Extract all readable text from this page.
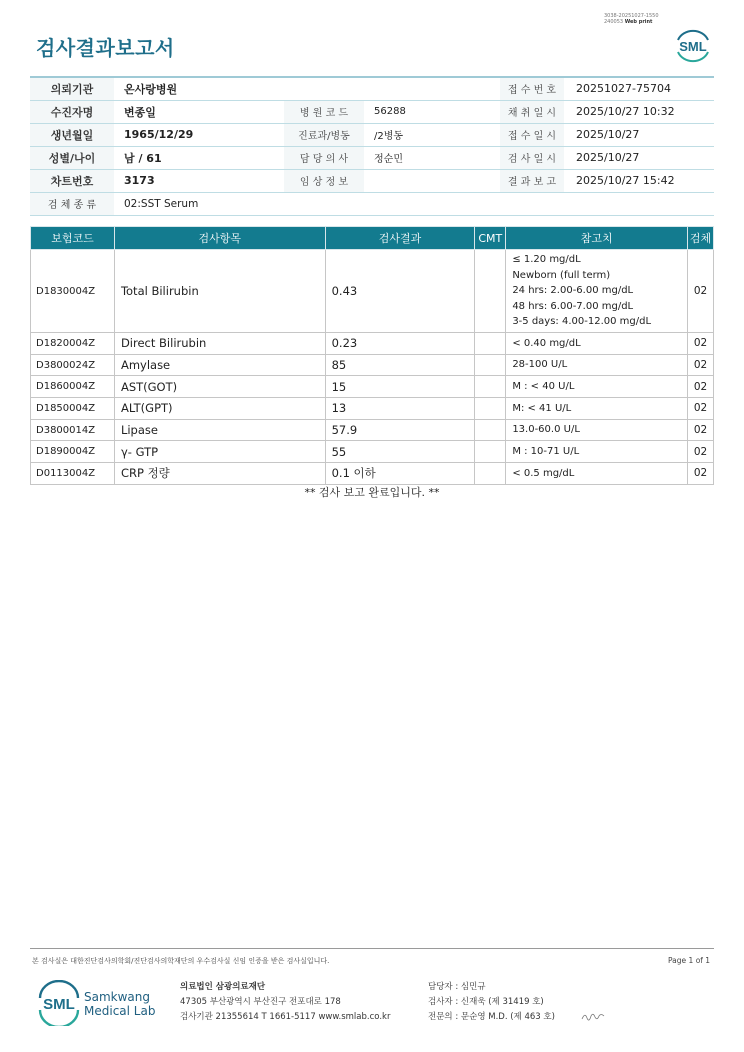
3038-20251027-1550
240053 Web print
검사결과보고서	SML
의뢰기관	온사랑병원			접 수 번 호	20251027-75704
수진자명	변종일	병 원 코 드	56288	채 취 일 시	2025/10/27 10:32
생년월일	1965/12/29	진료과/병동	/2병동	접 수 일 시	2025/10/27
성별/나이	남 / 61	담 당 의 사	정순민	검 사 일 시	2025/10/27
차트번호	3173	임 상 정 보		결 과 보 고	2025/10/27 15:42
검 체 종 류	02:SST Serum				
보험코드	검사항목	검사결과	CMT	참고치	검체
D1830004Z	Total Bilirubin	0.43		≤ 1.20 mg/dL
Newborn (full term)
24 hrs: 2.00-6.00 mg/dL
48 hrs: 6.00-7.00 mg/dL
3-5 days: 4.00-12.00 mg/dL	02
D1820004Z	Direct Bilirubin	0.23		< 0.40 mg/dL	02
D3800024Z	Amylase	85		28-100 U/L	02
D1860004Z	AST(GOT)	15		M : < 40 U/L	02
D1850004Z	ALT(GPT)	13		M: < 41 U/L	02
D3800014Z	Lipase	57.9		13.0-60.0 U/L	02
D1890004Z	γ- GTP	55		M : 10-71 U/L	02
D0113004Z	CRP 정량	0.1 이하		< 0.5 mg/dL	02
** 검사 보고 완료입니다. **
본 검사실은 대한진단검사의학회/진단검사의학재단의 우수검사실 신임 인증을 받은 검사실입니다.	Page 1 of 1
SML Samkwang
Medical Lab
의료법인 삼광의료재단
47305 부산광역시 부산진구 전포대로 178
검사기관 21355614 T 1661-5117 www.smlab.co.kr
담당자 : 심민규
검사자 : 신재욱 (제 31419 호)
전문의 : 문순영 M.D. (제 463 호)
